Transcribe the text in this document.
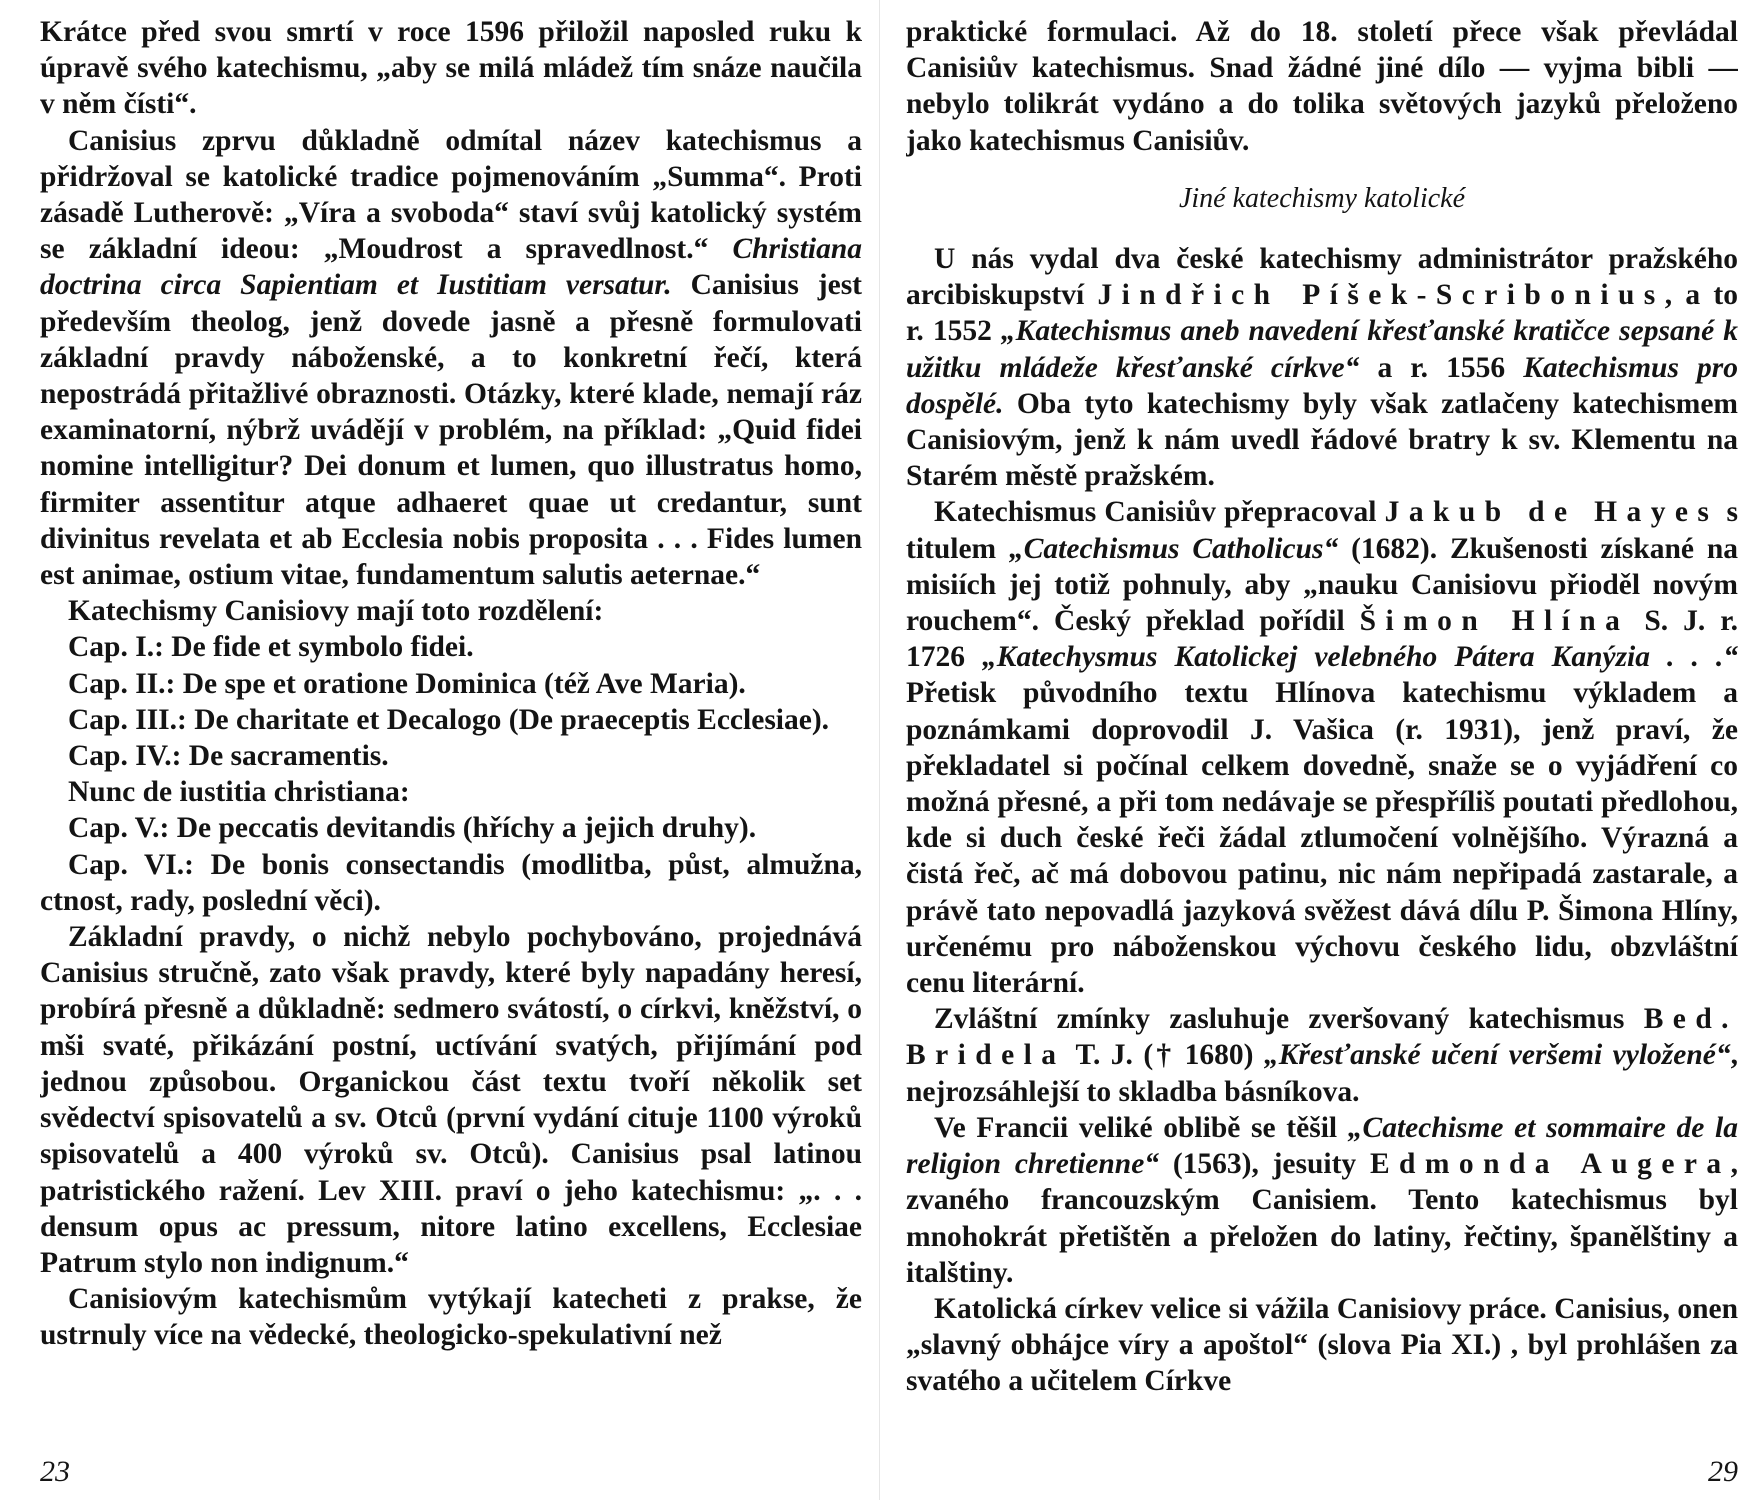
Krátce před svou smrtí v roce 1596 přiložil naposled ruku k úpravě svého katechismu, „aby se milá mládež tím snáze naučila v něm čísti“.

Canisius zprvu důkladně odmítal název katechismus a přidržoval se katolické tradice pojmenováním „Summa“. Proti zásadě Lutherově: „Víra a svoboda“ staví svůj katolický systém se základní ideou: „Moudrost a spravedlnost.“ Christiana doctrina circa Sapientiam et Iustitiam versatur. Canisius jest především theolog, jenž dovede jasně a přesně formulovati základní pravdy náboženské, a to konkretní řečí, která nepostrádá přitažlivé obraznosti. Otázky, které klade, nemají ráz examinatorní, nýbrž uvádějí v problém, na příklad: „Quid fidei nomine intelligitur? Dei donum et lumen, quo illustratus homo, firmiter assentitur atque adhaeret quae ut credantur, sunt divinitus revelata et ab Ecclesia nobis proposita . . . Fides lumen est animae, ostium vitae, fundamentum salutis aeternae.“

Katechismy Canisiovy mají toto rozdělení:

Cap. I.: De fide et symbolo fidei.

Cap. II.: De spe et oratione Dominica (též Ave Maria).

Cap. III.: De charitate et Decalogo (De praeceptis Ecclesiae).

Cap. IV.: De sacramentis.

Nunc de iustitia christiana:

Cap. V.: De peccatis devitandis (hříchy a jejich druhy).

Cap. VI.: De bonis consectandis (modlitba, půst, almužna, ctnost, rady, poslední věci).

Základní pravdy, o nichž nebylo pochybováno, projednává Canisius stručně, zato však pravdy, které byly napadány heresí, probírá přesně a důkladně: sedmero svátostí, o církvi, kněžství, o mši svaté, přikázání postní, uctívání svatých, přijímání pod jednou způsobou. Organickou část textu tvoří několik set svědectví spisovatelů a sv. Otců (první vydání cituje 1100 výroků spisovatelů a 400 výroků sv. Otců). Canisius psal latinou patristického ražení. Lev XIII. praví o jeho katechismu: „. . . densum opus ac pressum, nitore latino excellens, Ecclesiae Patrum stylo non indignum.“

Canisiovým katechismům vytýkají katecheti z prakse, že ustrnuly více na vědecké, theologicko-spekulativní než

23

praktické formulaci. Až do 18. století přece však převládal Canisiův katechismus. Snad žádné jiné dílo — vyjma bibli — nebylo tolikrát vydáno a do tolika světových jazyků přeloženo jako katechismus Canisiův.

Jiné katechismy katolické

U nás vydal dva české katechismy administrátor pražského arcibiskupství Jindřich Píšek-Scribonius, a to r. 1552 „Katechismus aneb navedení křesťanské kratičce sepsané k užitku mládeže křesťanské církve“ a r. 1556 Katechismus pro dospělé. Oba tyto katechismy byly však zatlačeny katechismem Canisiovým, jenž k nám uvedl řádové bratry k sv. Klementu na Starém městě pražském.

Katechismus Canisiův přepracoval Jakub de Hayes s titulem „Catechismus Catholicus“ (1682). Zkušenosti získané na misiích jej totiž pohnuly, aby „nauku Canisiovu přioděl novým rouchem“. Český překlad pořídil Šimon Hlína S. J. r. 1726 „Katechysmus Katolickej velebného Pátera Kanýzia . . .“ Přetisk původního textu Hlínova katechismu výkladem a poznámkami doprovodil J. Vašica (r. 1931), jenž praví, že překladatel si počínal celkem dovedně, snaže se o vyjádření co možná přesné, a při tom nedávaje se přespříliš poutati předlohou, kde si duch české řeči žádal ztlumočení volnějšího. Výrazná a čistá řeč, ač má dobovou patinu, nic nám nepřipadá zastarale, a právě tato nepovadlá jazyková svěžest dává dílu P. Šimona Hlíny, určenému pro náboženskou výchovu českého lidu, obzvláštní cenu literární.

Zvláštní zmínky zasluhuje zveršovaný katechismus Bed. Bridela T. J. († 1680) „Křesťanské učení veršemi vyložené“, nejrozsáhlejší to skladba básníkova.

Ve Francii veliké oblibě se těšil „Catechisme et sommaire de la religion chretienne“ (1563), jesuity Edmonda Augera, zvaného francouzským Canisiem. Tento katechismus byl mnohokrát přetištěn a přeložen do latiny, řečtiny, španělštiny a italštiny.

Katolická církev velice si vážila Canisiovy práce. Canisius, onen „slavný obhájce víry a apoštol“ (slova Pia XI.) , byl prohlášen za svatého a učitelem Církve

29
